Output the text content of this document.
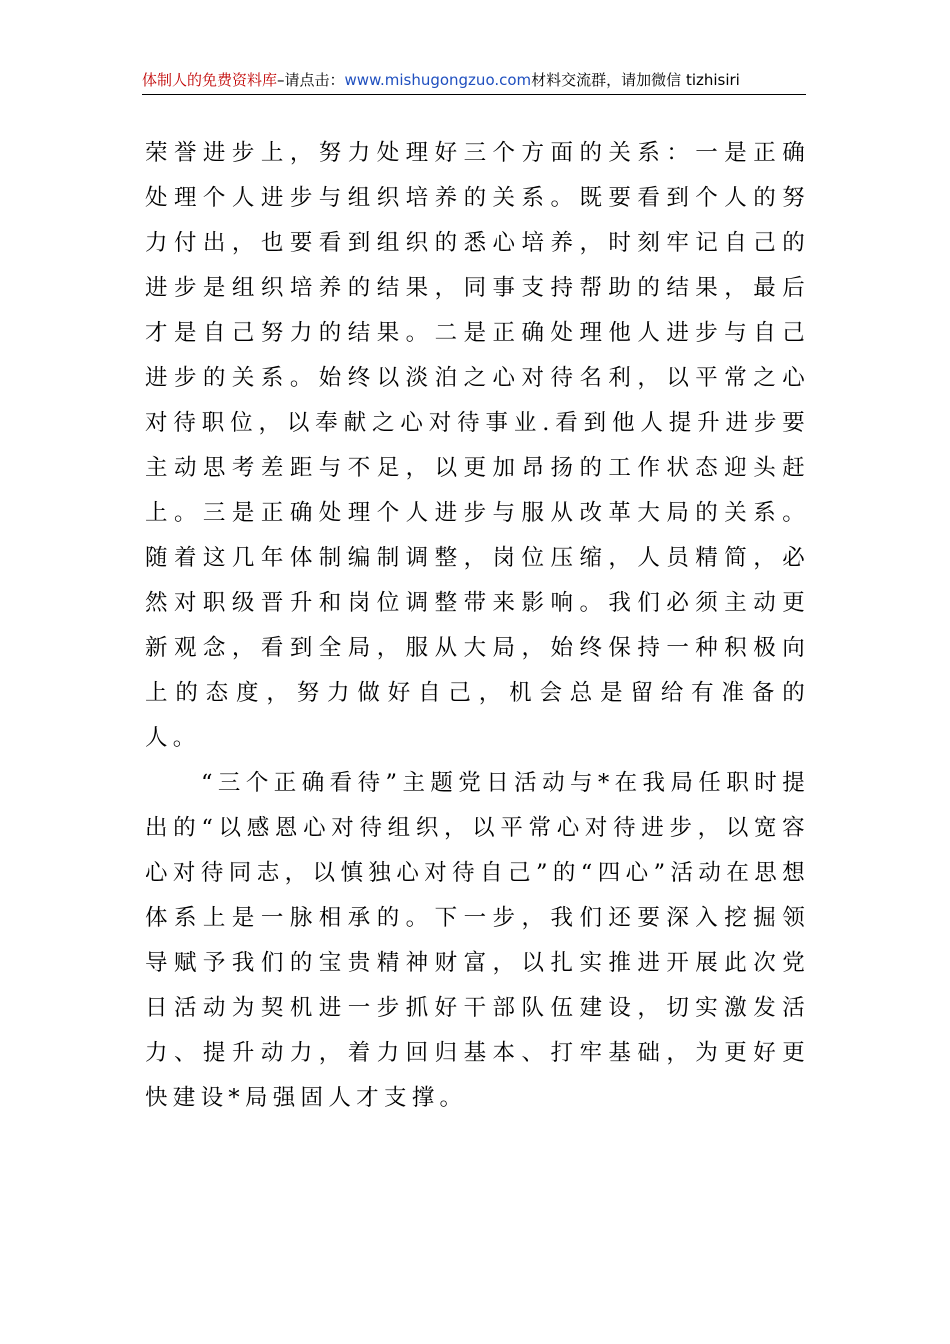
体制人的免费资料库–请点击：www.mishugongzuo.com材料交流群，请加微信 tizhisiri

荣誉进步上，努力处理好三个方面的关系：一是正确处理个人进步与组织培养的关系。既要看到个人的努力付出，也要看到组织的悉心培养，时刻牢记自己的进步是组织培养的结果，同事支持帮助的结果，最后才是自己努力的结果。二是正确处理他人进步与自己进步的关系。始终以淡泊之心对待名利，以平常之心对待职位，以奉献之心对待事业.看到他人提升进步要主动思考差距与不足，以更加昂扬的工作状态迎头赶上。三是正确处理个人进步与服从改革大局的关系。随着这几年体制编制调整，岗位压缩，人员精简，必然对职级晋升和岗位调整带来影响。我们必须主动更新观念，看到全局，服从大局，始终保持一种积极向上的态度，努力做好自己，机会总是留给有准备的人。

“三个正确看待”主题党日活动与*在我局任职时提出的“以感恩心对待组织，以平常心对待进步，以宽容心对待同志，以慎独心对待自己”的“四心”活动在思想体系上是一脉相承的。下一步，我们还要深入挖掘领导赋予我们的宝贵精神财富，以扎实推进开展此次党日活动为契机进一步抓好干部队伍建设，切实激发活力、提升动力，着力回归基本、打牢基础，为更好更快建设*局强固人才支撑。
